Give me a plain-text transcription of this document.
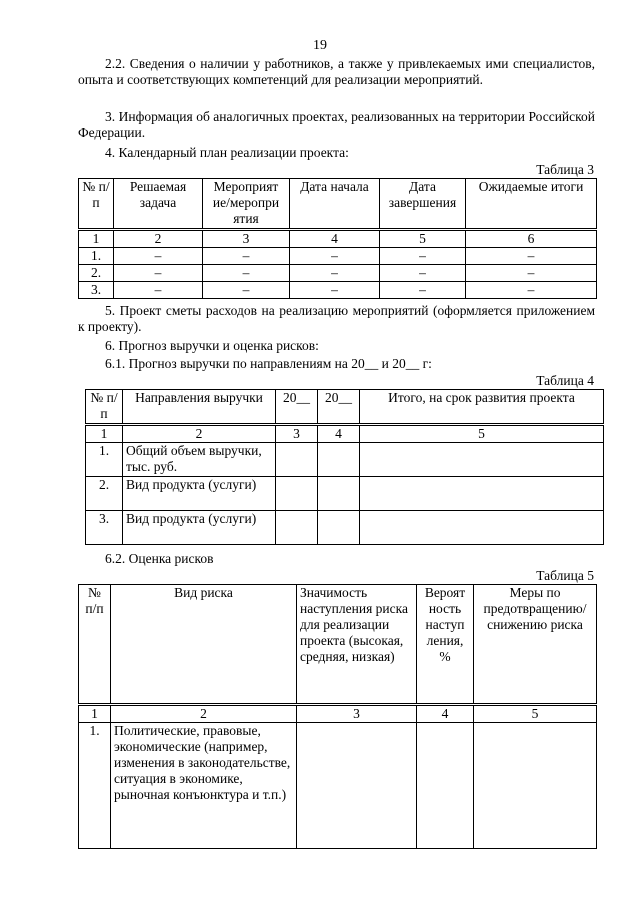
19
2.2. Сведения о наличии у работников, а также у привлекаемых ими специалистов, опыта и соответствующих компетенций для реализации мероприятий.
3. Информация об аналогичных проектах, реализованных на территории Российской Федерации.
4. Календарный план реализации проекта:
Таблица 3
№ п/п	Решаемая задача	Мероприят ие/меропри ятия	Дата начала	Дата завершения	Ожидаемые итоги
1	2	3	4	5	6
1.	–	–	–	–	–
2.	–	–	–	–	–
3.	–	–	–	–	–
5. Проект сметы расходов на реализацию мероприятий (оформляется приложением к проекту).
6. Прогноз выручки и оценка рисков:
6.1. Прогноз выручки по направлениям на 20__ и 20__ г:
Таблица 4
№ п/п	Направления выручки	20__	20__	Итого, на срок развития проекта
1	2	3	4	5
1.	Общий объем выручки, тыс. руб.			
2.	Вид продукта (услуги)			
3.	Вид продукта (услуги)			
6.2. Оценка рисков
Таблица 5
№ п/п	Вид риска	Значимость наступления риска для реализации проекта (высокая, средняя, низкая)	Вероят ность наступ ления, %	Меры по предотвращению/ снижению риска
1	2	3	4	5
1.	Политические, правовые, экономические (например, изменения в законодательстве, ситуация в экономике, рыночная конъюнктура и т.п.)			
